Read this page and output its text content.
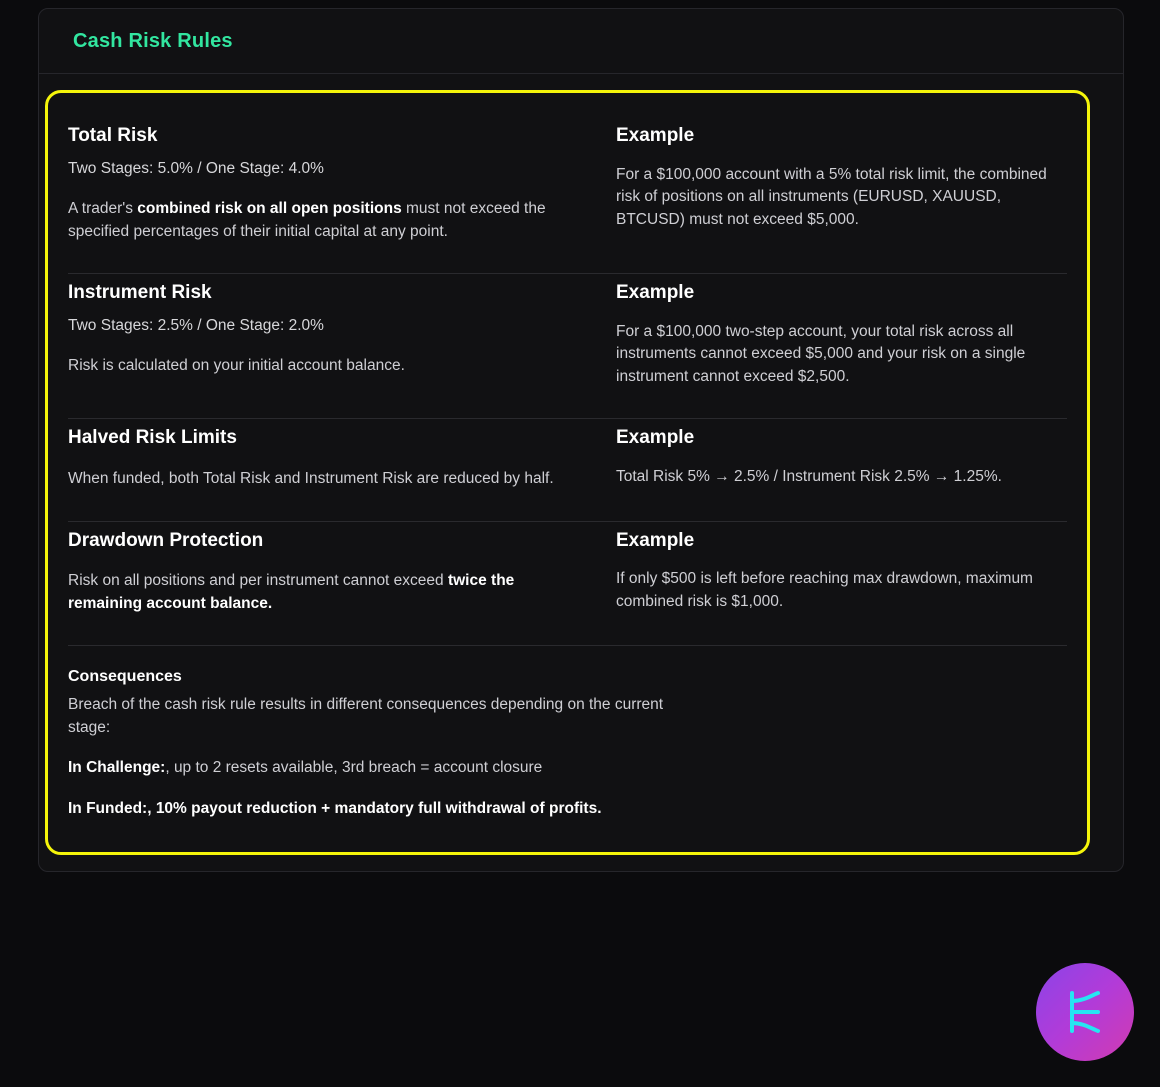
Cash Risk Rules
Total Risk

Two Stages: 5.0% / One Stage: 4.0%

A trader's combined risk on all open positions must not exceed the specified percentages of their initial capital at any point.

Example

For a $100,000 account with a 5% total risk limit, the combined risk of positions on all instruments (EURUSD, XAUUSD, BTCUSD) must not exceed $5,000.

Instrument Risk

Two Stages: 2.5% / One Stage: 2.0%

Risk is calculated on your initial account balance.

Example

For a $100,000 two-step account, your total risk across all instruments cannot exceed $5,000 and your risk on a single instrument cannot exceed $2,500.

Halved Risk Limits

When funded, both Total Risk and Instrument Risk are reduced by half.

Example

Total Risk 5% → 2.5% / Instrument Risk 2.5% → 1.25%.

Drawdown Protection

Risk on all positions and per instrument cannot exceed twice the remaining account balance.

Example

If only $500 is left before reaching max drawdown, maximum combined risk is $1,000.

Consequences

Breach of the cash risk rule results in different consequences depending on the current stage:

In Challenge:, up to 2 resets available, 3rd breach = account closure

In Funded:, 10% payout reduction + mandatory full withdrawal of profits.
